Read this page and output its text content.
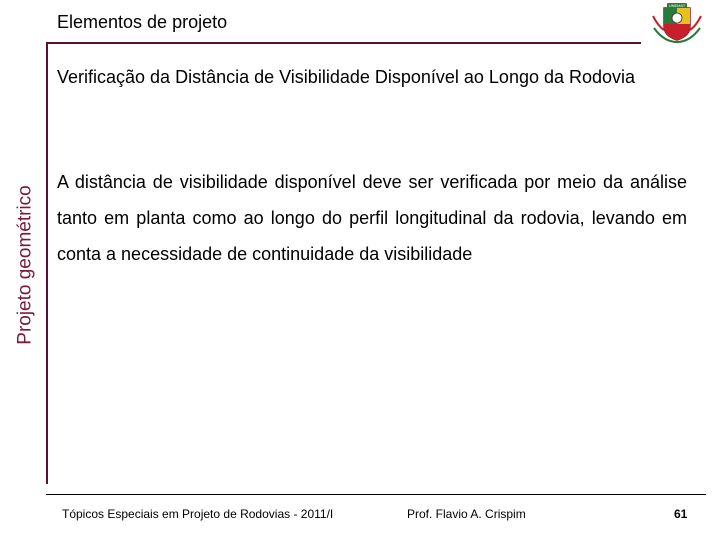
Elementos de projeto
UNEMAT
Projeto geométrico
Verificação da Distância de Visibilidade Disponível ao Longo da Rodovia
A distância de visibilidade disponível deve ser verificada por meio da análise tanto em planta como ao longo do perfil longitudinal da rodovia, levando em conta a necessidade de continuidade da visibilidade
Tópicos Especiais em Projeto de Rodovias - 2011/I	Prof. Flavio A. Crispim	61
